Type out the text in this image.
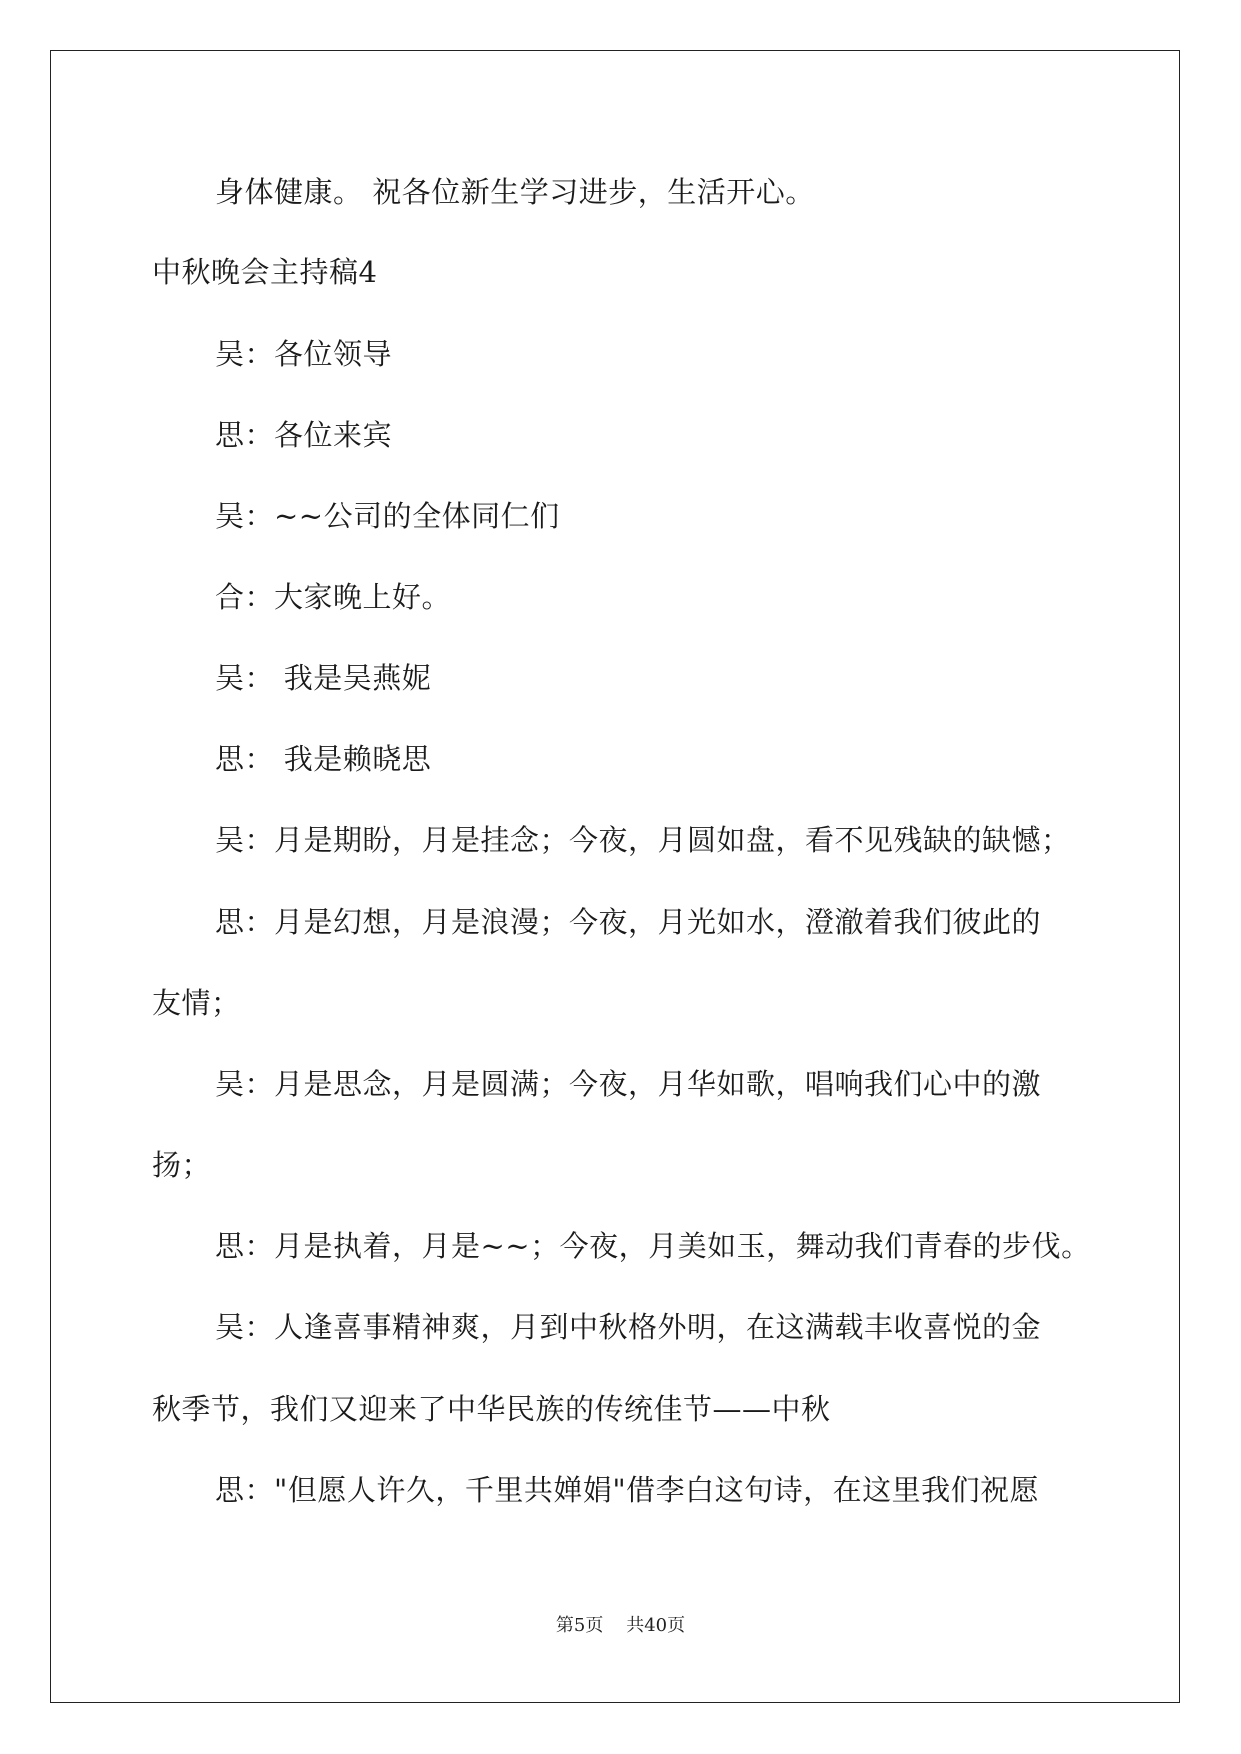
身体健康。 祝各位新生学习进步，生活开心。
中秋晚会主持稿4
吴：各位领导
思：各位来宾
吴：~~公司的全体同仁们
合：大家晚上好。
吴： 我是吴燕妮
思： 我是赖晓思
吴：月是期盼，月是挂念；今夜，月圆如盘，看不见残缺的缺憾；
思：月是幻想，月是浪漫；今夜，月光如水，澄澈着我们彼此的
友情；
吴：月是思念，月是圆满；今夜，月华如歌，唱响我们心中的激
扬；
思：月是执着，月是~~；今夜，月美如玉，舞动我们青春的步伐。
吴：人逢喜事精神爽，月到中秋格外明，在这满载丰收喜悦的金
秋季节，我们又迎来了中华民族的传统佳节——中秋
思："但愿人许久，千里共婵娟"借李白这句诗，在这里我们祝愿
第5页    共40页
